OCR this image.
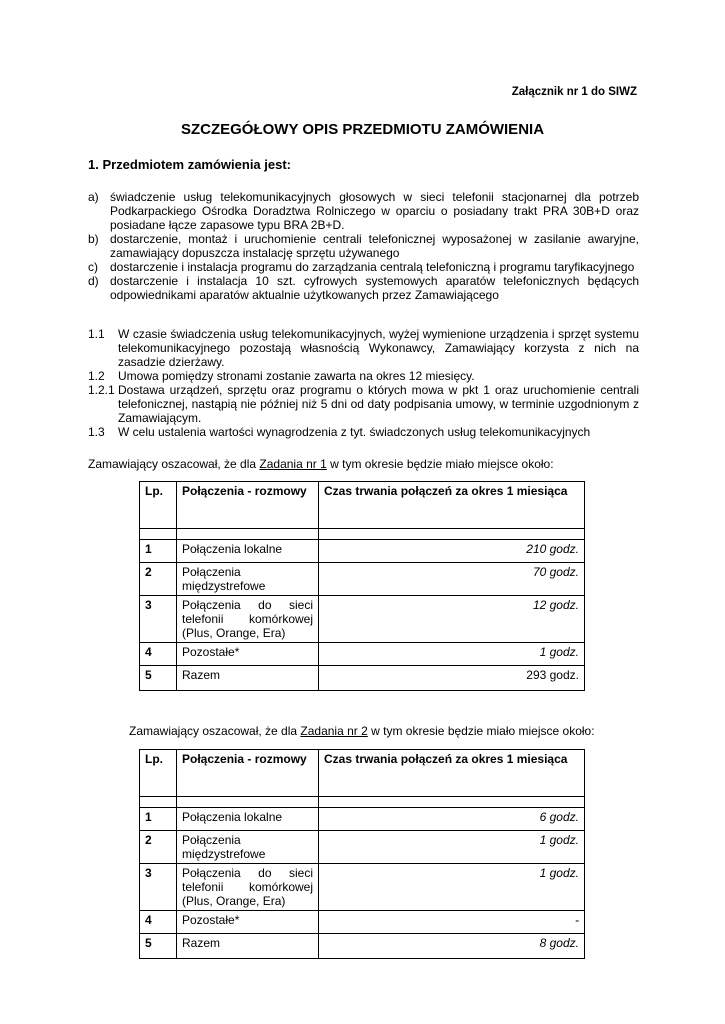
Załącznik nr 1 do SIWZ
SZCZEGÓŁOWY OPIS PRZEDMIOTU ZAMÓWIENIA
1. Przedmiotem zamówienia jest:
a) świadczenie usług telekomunikacyjnych głosowych w sieci telefonii stacjonarnej dla potrzeb Podkarpackiego Ośrodka Doradztwa Rolniczego w oparciu o posiadany trakt PRA 30B+D oraz posiadane łącze zapasowe typu BRA 2B+D.
b) dostarczenie, montaż i uruchomienie centrali telefonicznej wyposażonej w zasilanie awaryjne, zamawiający dopuszcza instalację sprzętu używanego
c) dostarczenie i instalacja programu do zarządzania centralą telefoniczną i programu taryfikacyjnego
d) dostarczenie i instalacja 10 szt. cyfrowych systemowych aparatów telefonicznych będących odpowiednikami aparatów aktualnie użytkowanych przez Zamawiającego
1.1 W czasie świadczenia usług telekomunikacyjnych, wyżej wymienione urządzenia i sprzęt systemu telekomunikacyjnego pozostają własnością Wykonawcy, Zamawiający korzysta z nich na zasadzie dzierżawy.
1.2 Umowa pomiędzy stronami zostanie zawarta na okres 12 miesięcy.
1.2.1 Dostawa urządzeń, sprzętu oraz programu o których mowa w pkt 1 oraz uruchomienie centrali telefonicznej, nastąpią nie później niż 5 dni od daty podpisania umowy, w terminie uzgodnionym z Zamawiającym.
1.3 W celu ustalenia wartości wynagrodzenia z tyt. świadczonych usług telekomunikacyjnych
Zamawiający oszacował, że dla Zadania nr 1 w tym okresie będzie miało miejsce około:
Lp.	Połączenia - rozmowy	Czas trwania połączeń za okres 1 miesiąca

1	Połączenia lokalne	210 godz.
2	Połączenia międzystrefowe	70 godz.
3	Połączenia do sieci telefonii komórkowej (Plus, Orange, Era)	12 godz.
4	Pozostałe*	1 godz.
5	Razem	293 godz.
Zamawiający oszacował, że dla Zadania nr 2 w tym okresie będzie miało miejsce około:
Lp.	Połączenia - rozmowy	Czas trwania połączeń za okres 1 miesiąca

1	Połączenia lokalne	6 godz.
2	Połączenia międzystrefowe	1 godz.
3	Połączenia do sieci telefonii komórkowej (Plus, Orange, Era)	1 godz.
4	Pozostałe*	-
5	Razem	8 godz.
